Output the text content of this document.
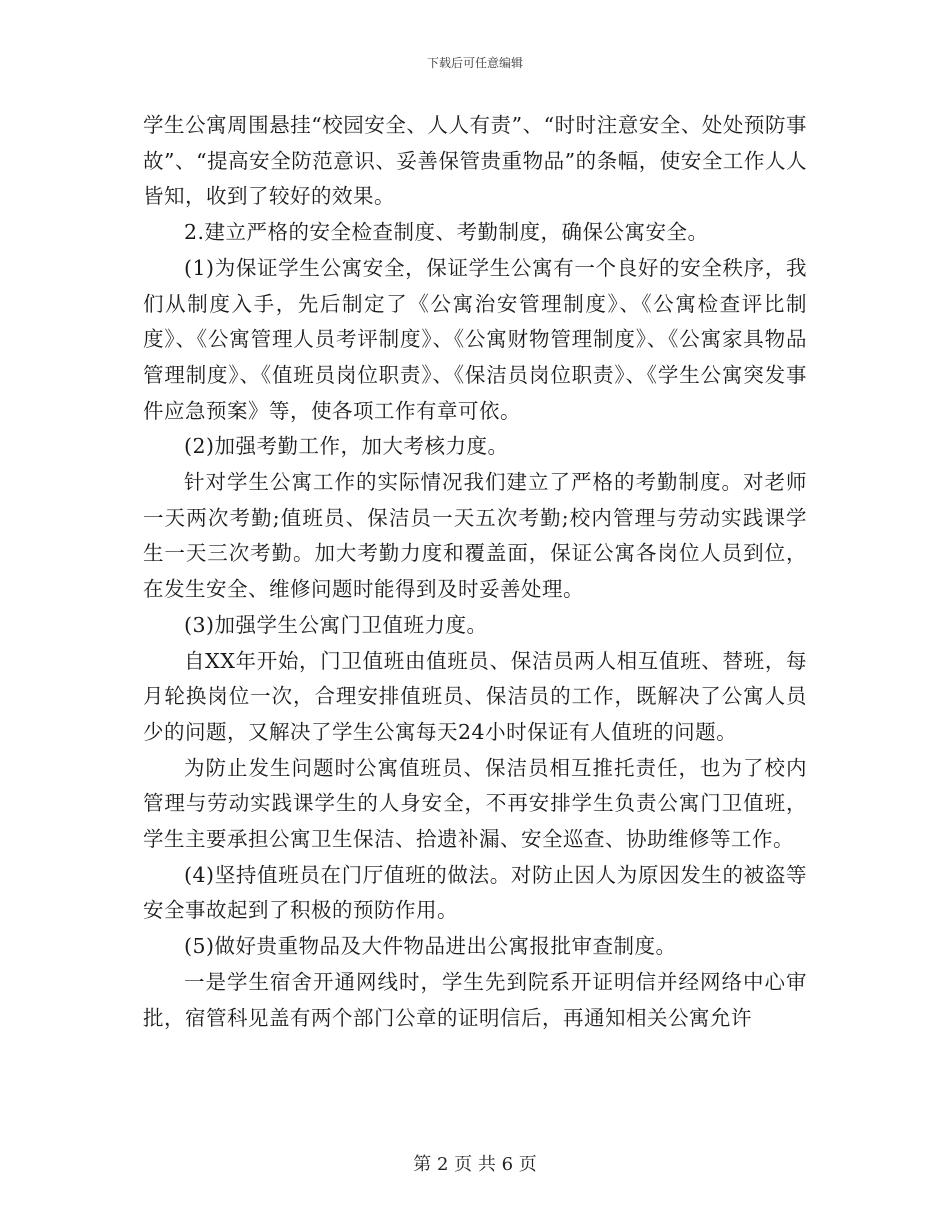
下载后可任意编辑

学生公寓周围悬挂“校园安全、人人有责”、“时时注意安全、处处预防事故”、“提高安全防范意识、妥善保管贵重物品”的条幅，使安全工作人人皆知，收到了较好的效果。

2.建立严格的安全检查制度、考勤制度，确保公寓安全。

(1)为保证学生公寓安全，保证学生公寓有一个良好的安全秩序，我们从制度入手，先后制定了《公寓治安管理制度》、《公寓检查评比制度》、《公寓管理人员考评制度》、《公寓财物管理制度》、《公寓家具物品管理制度》、《值班员岗位职责》、《保洁员岗位职责》、《学生公寓突发事件应急预案》等，使各项工作有章可依。

(2)加强考勤工作，加大考核力度。

针对学生公寓工作的实际情况我们建立了严格的考勤制度。对老师一天两次考勤;值班员、保洁员一天五次考勤;校内管理与劳动实践课学生一天三次考勤。加大考勤力度和覆盖面，保证公寓各岗位人员到位，在发生安全、维修问题时能得到及时妥善处理。

(3)加强学生公寓门卫值班力度。

自XX年开始，门卫值班由值班员、保洁员两人相互值班、替班，每月轮换岗位一次，合理安排值班员、保洁员的工作，既解决了公寓人员少的问题，又解决了学生公寓每天24小时保证有人值班的问题。

为防止发生问题时公寓值班员、保洁员相互推托责任，也为了校内管理与劳动实践课学生的人身安全，不再安排学生负责公寓门卫值班，学生主要承担公寓卫生保洁、拾遗补漏、安全巡查、协助维修等工作。

(4)坚持值班员在门厅值班的做法。对防止因人为原因发生的被盗等安全事故起到了积极的预防作用。

(5)做好贵重物品及大件物品进出公寓报批审查制度。

一是学生宿舍开通网线时，学生先到院系开证明信并经网络中心审批，宿管科见盖有两个部门公章的证明信后，再通知相关公寓允许

第 2 页 共 6 页
